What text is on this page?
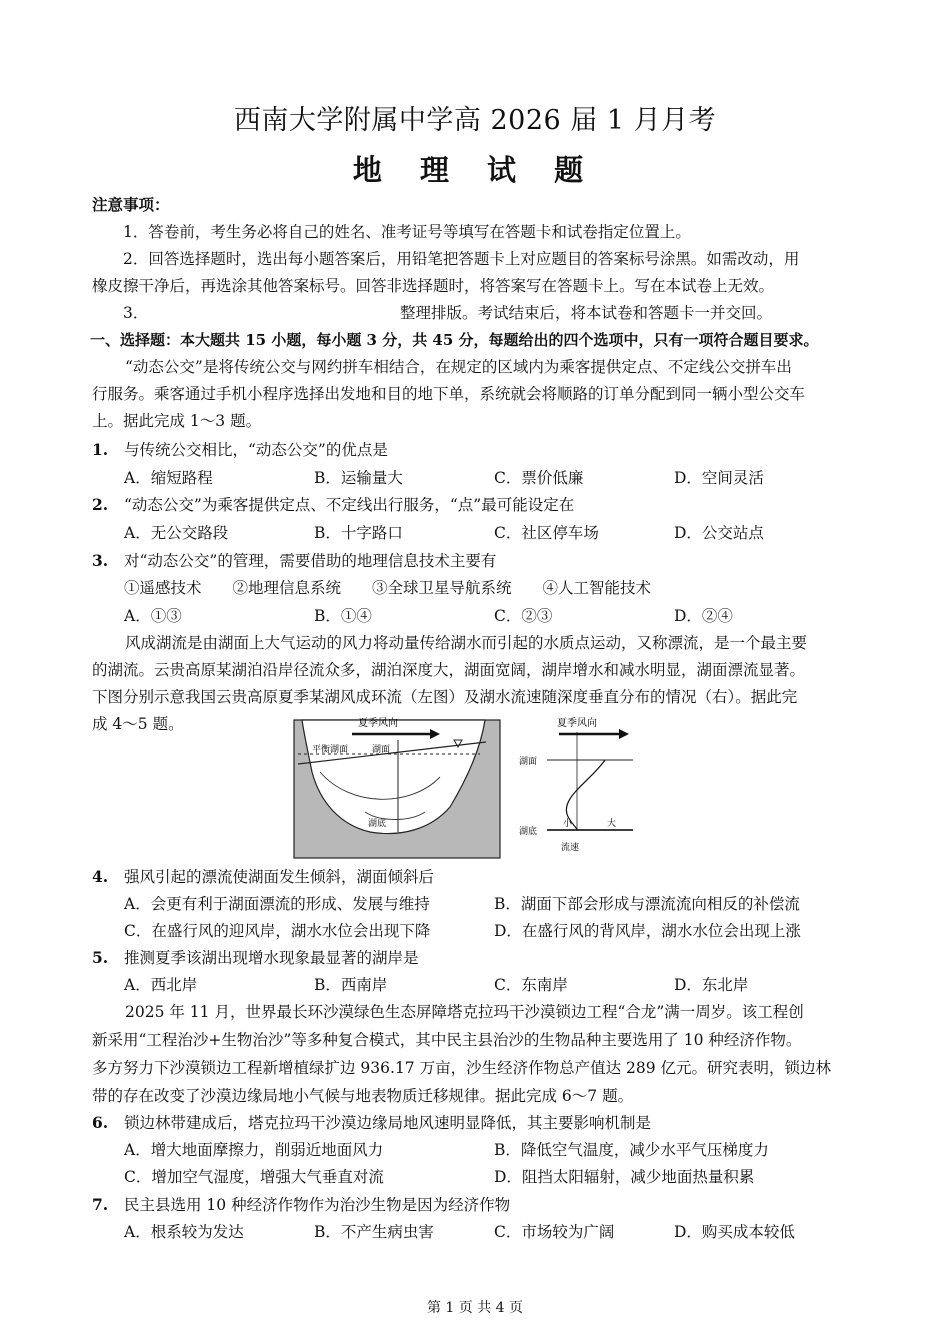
西南大学附属中学高 2026 届 1 月月考
地 理 试 题
注意事项：
1．答卷前，考生务必将自己的姓名、准考证号等填写在答题卡和试卷指定位置上。
2．回答选择题时，选出每小题答案后，用铅笔把答题卡上对应题目的答案标号涂黑。如需改动，用
橡皮擦干净后，再选涂其他答案标号。回答非选择题时，将答案写在答题卡上。写在本试卷上无效。
3．	整理排版。考试结束后，将本试卷和答题卡一并交回。
一、选择题：本大题共 15 小题，每小题 3 分，共 45 分，每题给出的四个选项中，只有一项符合题目要求。
“动态公交”是将传统公交与网约拼车相结合，在规定的区域内为乘客提供定点、不定线公交拼车出
行服务。乘客通过手机小程序选择出发地和目的地下单，系统就会将顺路的订单分配到同一辆小型公交车
上。据此完成 1～3 题。
1. 与传统公交相比，“动态公交”的优点是
A．缩短路程	B．运输量大	C．票价低廉	D．空间灵活
2. “动态公交”为乘客提供定点、不定线出行服务，“点”最可能设定在
A．无公交路段	B．十字路口	C．社区停车场	D．公交站点
3. 对“动态公交”的管理，需要借助的地理信息技术主要有
①遥感技术　　②地理信息系统　　③全球卫星导航系统　　④人工智能技术
A．①③	B．①④	C．②③	D．②④
风成湖流是由湖面上大气运动的风力将动量传给湖水而引起的水质点运动，又称漂流，是一个最主要
的湖流。云贵高原某湖泊沿岸径流众多，湖泊深度大，湖面宽阔，湖岸增水和减水明显，湖面漂流显著。
下图分别示意我国云贵高原夏季某湖风成环流（左图）及湖水流速随深度垂直分布的情况（右）。据此完
成 4～5 题。	夏季风向
平衡湖面	湖面
湖底
夏季风向
湖面
湖底
小	大
流速
4. 强风引起的漂流使湖面发生倾斜，湖面倾斜后
A．会更有利于湖面漂流的形成、发展与维持	B．湖面下部会形成与漂流流向相反的补偿流
C．在盛行风的迎风岸，湖水水位会出现下降	D．在盛行风的背风岸，湖水水位会出现上涨
5. 推测夏季该湖出现增水现象最显著的湖岸是
A．西北岸	B．西南岸	C．东南岸	D．东北岸
2025 年 11 月，世界最长环沙漠绿色生态屏障塔克拉玛干沙漠锁边工程“合龙”满一周岁。该工程创
新采用“工程治沙+生物治沙”等多种复合模式，其中民主县治沙的生物品种主要选用了 10 种经济作物。
多方努力下沙漠锁边工程新增植绿扩边 936.17 万亩，沙生经济作物总产值达 289 亿元。研究表明，锁边林
带的存在改变了沙漠边缘局地小气候与地表物质迁移规律。据此完成 6～7 题。
6. 锁边林带建成后，塔克拉玛干沙漠边缘局地风速明显降低，其主要影响机制是
A．增大地面摩擦力，削弱近地面风力	B．降低空气温度，减少水平气压梯度力
C．增加空气湿度，增强大气垂直对流	D．阻挡太阳辐射，减少地面热量积累
7. 民主县选用 10 种经济作物作为治沙生物是因为经济作物
A．根系较为发达	B．不产生病虫害	C．市场较为广阔	D．购买成本较低
第 1 页 共 4 页
